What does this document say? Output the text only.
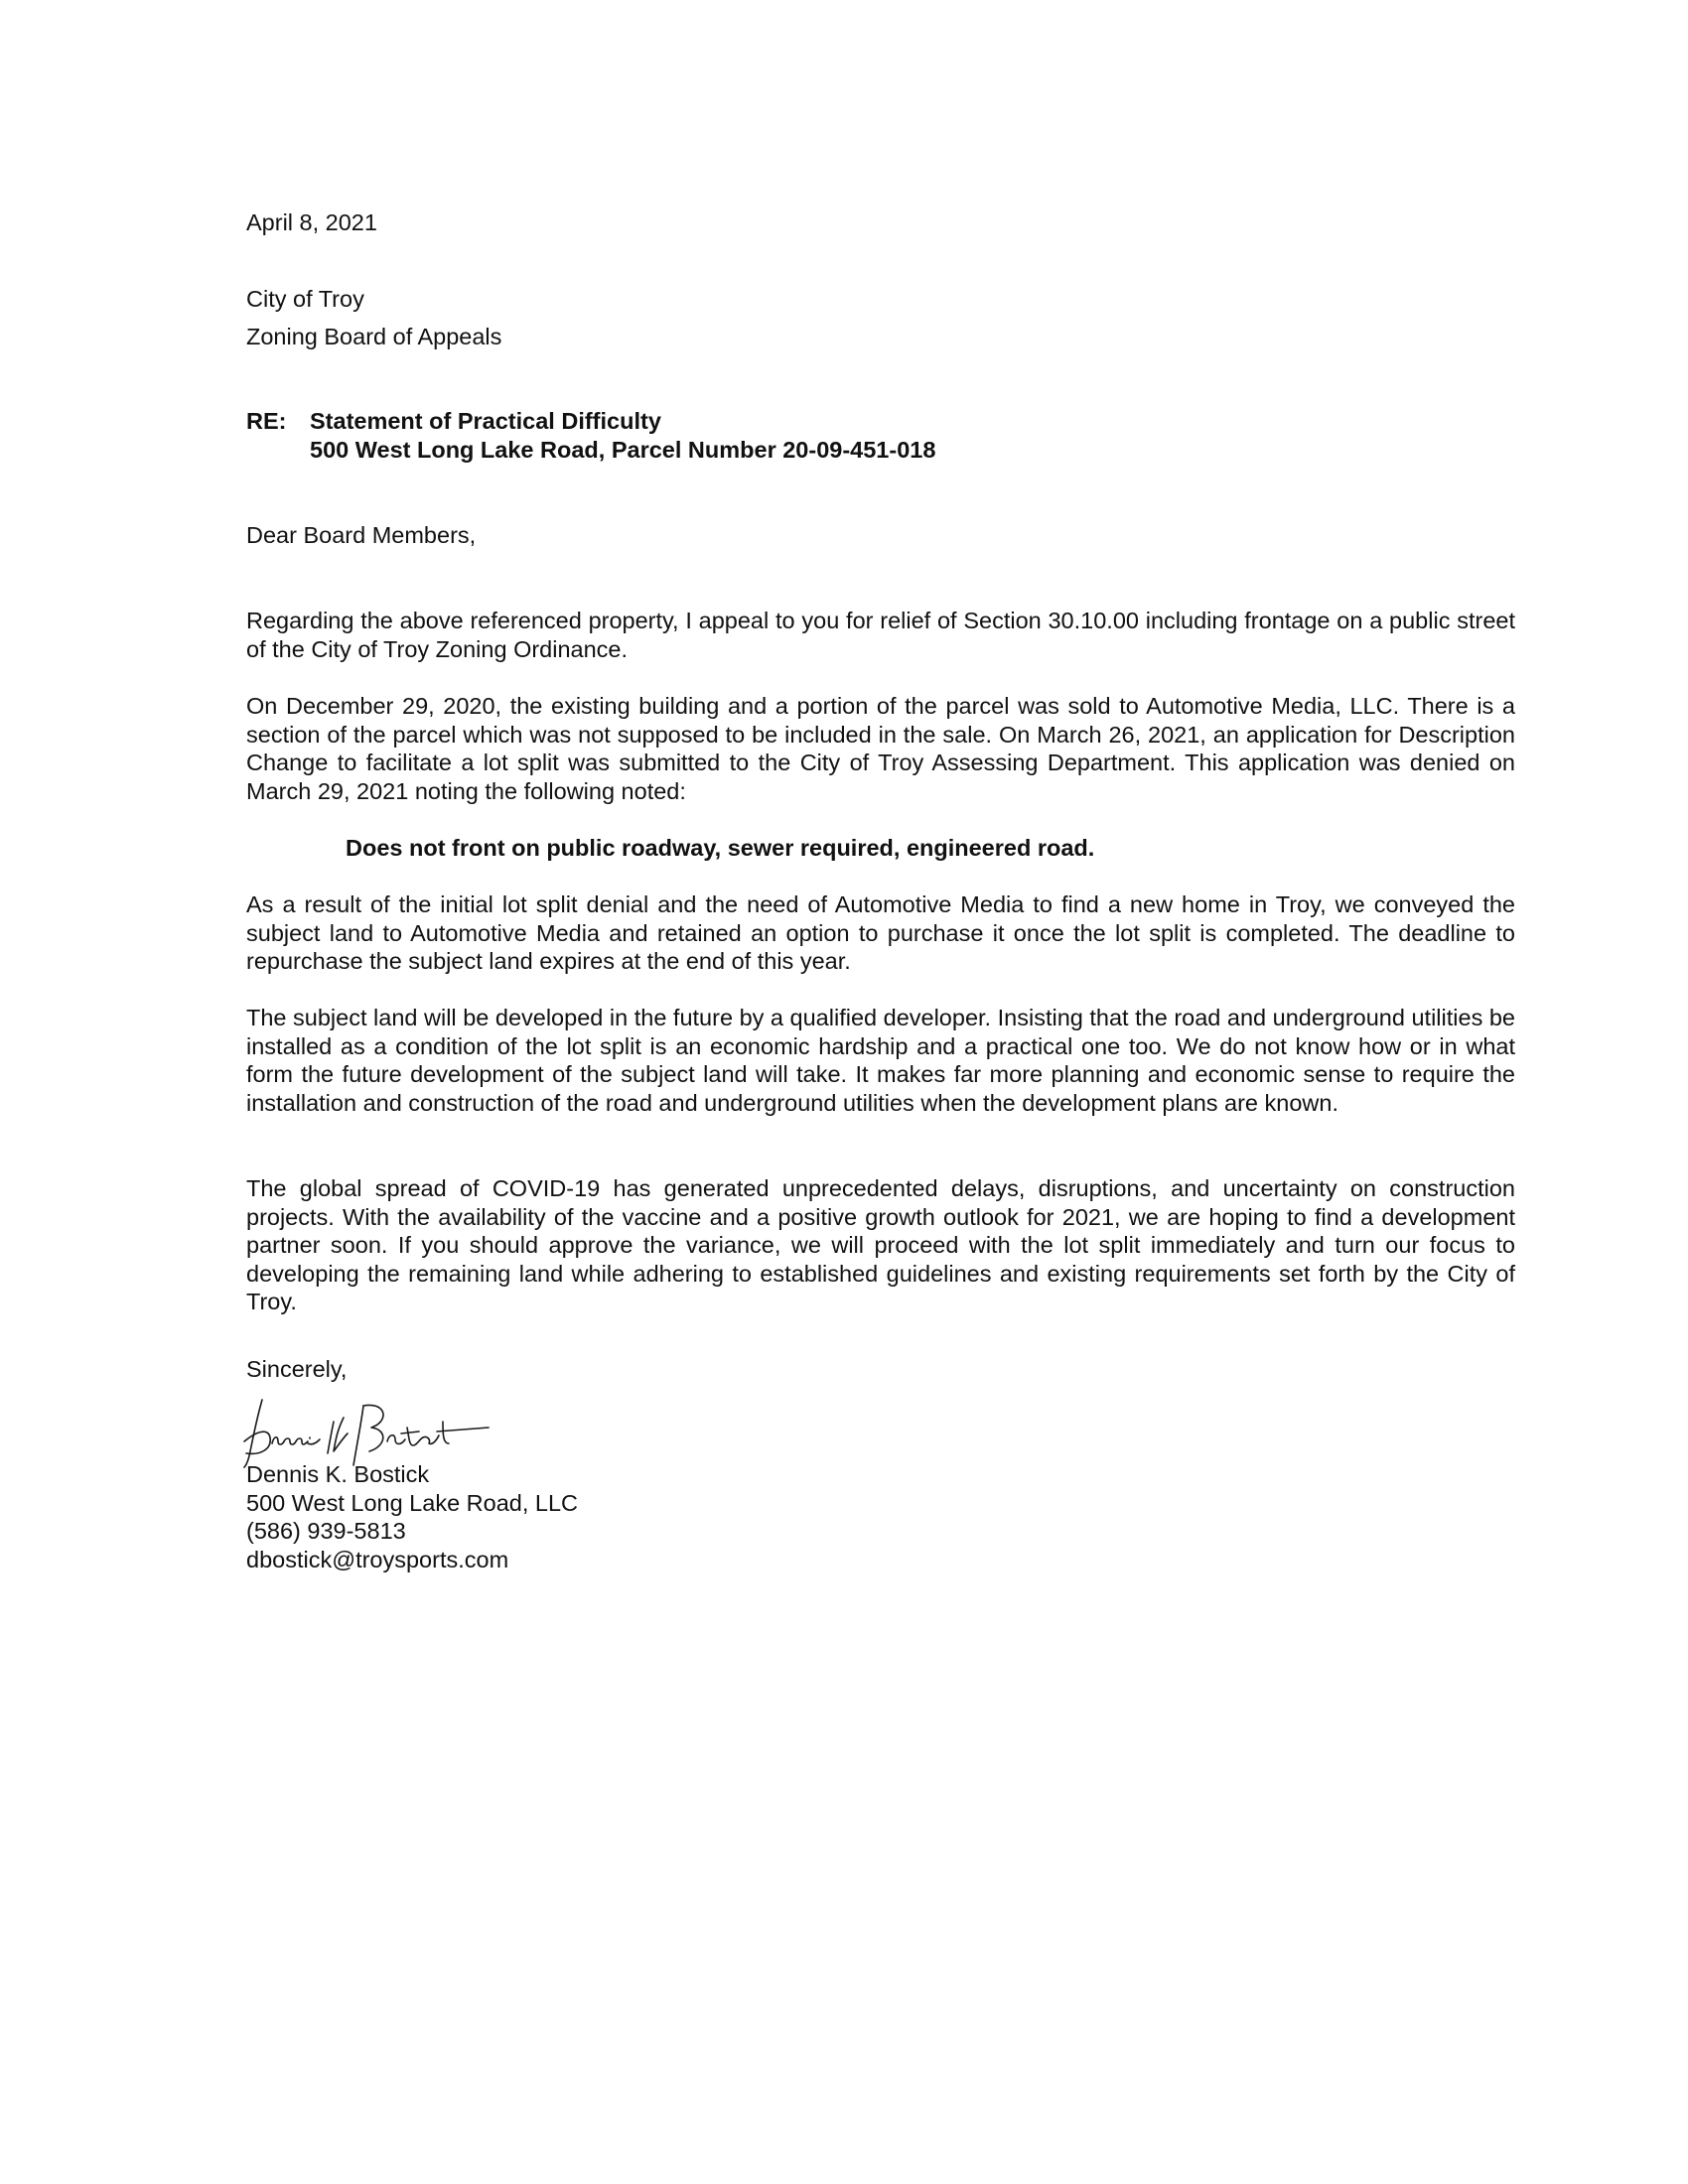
April 8, 2021

City of Troy

Zoning Board of Appeals

RE: Statement of Practical Difficulty
500 West Long Lake Road, Parcel Number 20-09-451-018

Dear Board Members,

Regarding the above referenced property, I appeal to you for relief of Section 30.10.00 including frontage on a public street of the City of Troy Zoning Ordinance.

On December 29, 2020, the existing building and a portion of the parcel was sold to Automotive Media, LLC. There is a section of the parcel which was not supposed to be included in the sale. On March 26, 2021, an application for Description Change to facilitate a lot split was submitted to the City of Troy Assessing Department. This application was denied on March 29, 2021 noting the following noted:

Does not front on public roadway, sewer required, engineered road.

As a result of the initial lot split denial and the need of Automotive Media to find a new home in Troy, we conveyed the subject land to Automotive Media and retained an option to purchase it once the lot split is completed. The deadline to repurchase the subject land expires at the end of this year.

The subject land will be developed in the future by a qualified developer. Insisting that the road and underground utilities be installed as a condition of the lot split is an economic hardship and a practical one too. We do not know how or in what form the future development of the subject land will take. It makes far more planning and economic sense to require the installation and construction of the road and underground utilities when the development plans are known.

The global spread of COVID-19 has generated unprecedented delays, disruptions, and uncertainty on construction projects. With the availability of the vaccine and a positive growth outlook for 2021, we are hoping to find a development partner soon. If you should approve the variance, we will proceed with the lot split immediately and turn our focus to developing the remaining land while adhering to established guidelines and existing requirements set forth by the City of Troy.

Sincerely,

Dennis K. Bostick
Dennis K. Bostick
500 West Long Lake Road, LLC
(586) 939-5813
dbostick@troysports.com
